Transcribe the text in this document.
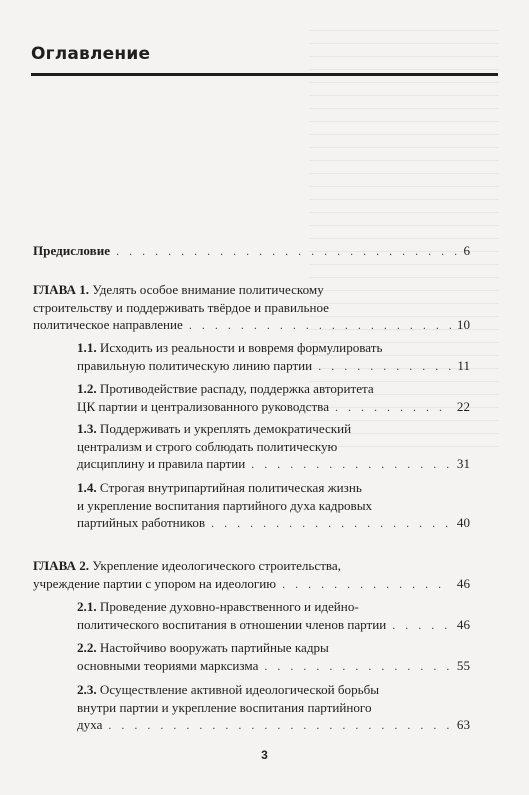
Оглавление
Предисловие . . .	6
ГЛАВА 1. Уделять особое внимание политическому
строительству и поддерживать твёрдое и правильное
политическое направление . . .	10
1.1. Исходить из реальности и вовремя формулировать
правильную политическую линию партии . . .	11
1.2. Противодействие распаду, поддержка авторитета
ЦК партии и централизованного руководства . . .	22
1.3. Поддерживать и укреплять демократический
централизм и строго соблюдать политическую
дисциплину и правила партии . . .	31
1.4. Строгая внутрипартийная политическая жизнь
и укрепление воспитания партийного духа кадровых
партийных работников . . .	40
ГЛАВА 2. Укрепление идеологического строительства,
учреждение партии с упором на идеологию . . .	46
2.1. Проведение духовно-нравственного и идейно-
политического воспитания в отношении членов партии . . .	46
2.2. Настойчиво вооружать партийные кадры
основными теориями марксизма . . .	55
2.3. Осуществление активной идеологической борьбы
внутри партии и укрепление воспитания партийного
духа . . .	63
3
